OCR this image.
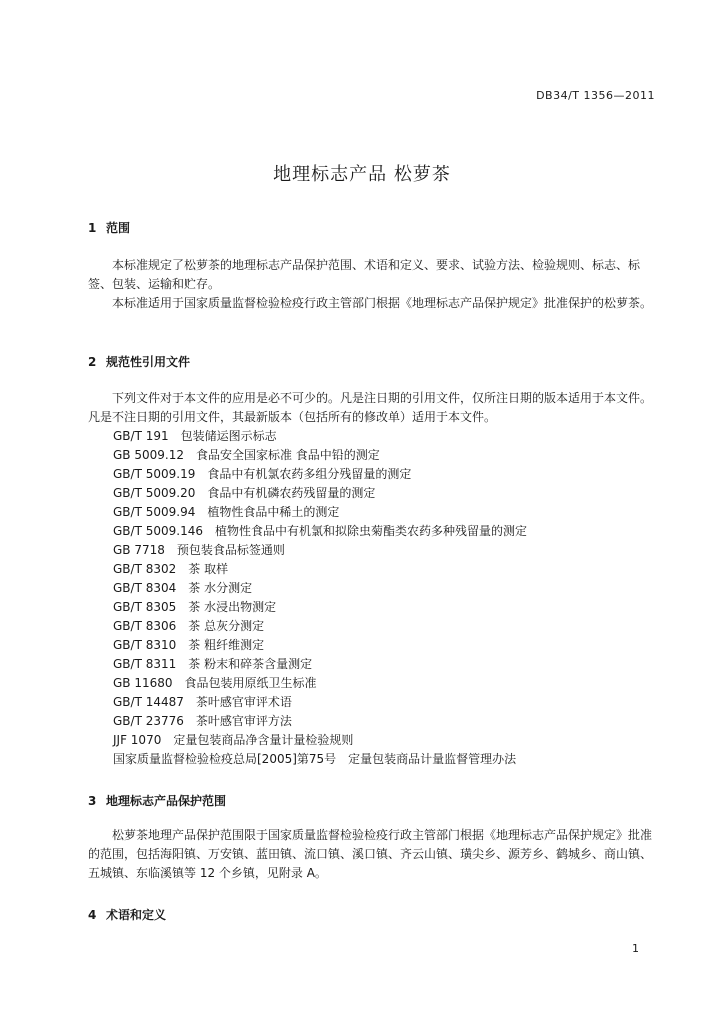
DB34/T 1356—2011
地理标志产品 松萝茶
1 范围

本标准规定了松萝茶的地理标志产品保护范围、术语和定义、要求、试验方法、检验规则、标志、标签、包装、运输和贮存。

本标准适用于国家质量监督检验检疫行政主管部门根据《地理标志产品保护规定》批准保护的松萝茶。

2 规范性引用文件

下列文件对于本文件的应用是必不可少的。凡是注日期的引用文件，仅所注日期的版本适用于本文件。凡是不注日期的引用文件，其最新版本（包括所有的修改单）适用于本文件。

GB/T 191　包装储运图示标志
GB 5009.12　食品安全国家标准 食品中铅的测定
GB/T 5009.19　食品中有机氯农药多组分残留量的测定
GB/T 5009.20　食品中有机磷农药残留量的测定
GB/T 5009.94　植物性食品中稀土的测定
GB/T 5009.146　植物性食品中有机氯和拟除虫菊酯类农药多种残留量的测定
GB 7718　预包装食品标签通则
GB/T 8302　茶 取样
GB/T 8304　茶 水分测定
GB/T 8305　茶 水浸出物测定
GB/T 8306　茶 总灰分测定
GB/T 8310　茶 粗纤维测定
GB/T 8311　茶 粉末和碎茶含量测定
GB 11680　食品包装用原纸卫生标准
GB/T 14487　茶叶感官审评术语
GB/T 23776　茶叶感官审评方法
JJF 1070　定量包装商品净含量计量检验规则
国家质量监督检验检疫总局[2005]第75号　定量包装商品计量监督管理办法
3 地理标志产品保护范围

松萝茶地理产品保护范围限于国家质量监督检验检疫行政主管部门根据《地理标志产品保护规定》批准的范围，包括海阳镇、万安镇、蓝田镇、流口镇、溪口镇、齐云山镇、璜尖乡、源芳乡、鹤城乡、商山镇、五城镇、东临溪镇等 12 个乡镇，见附录 A。

4 术语和定义
1
